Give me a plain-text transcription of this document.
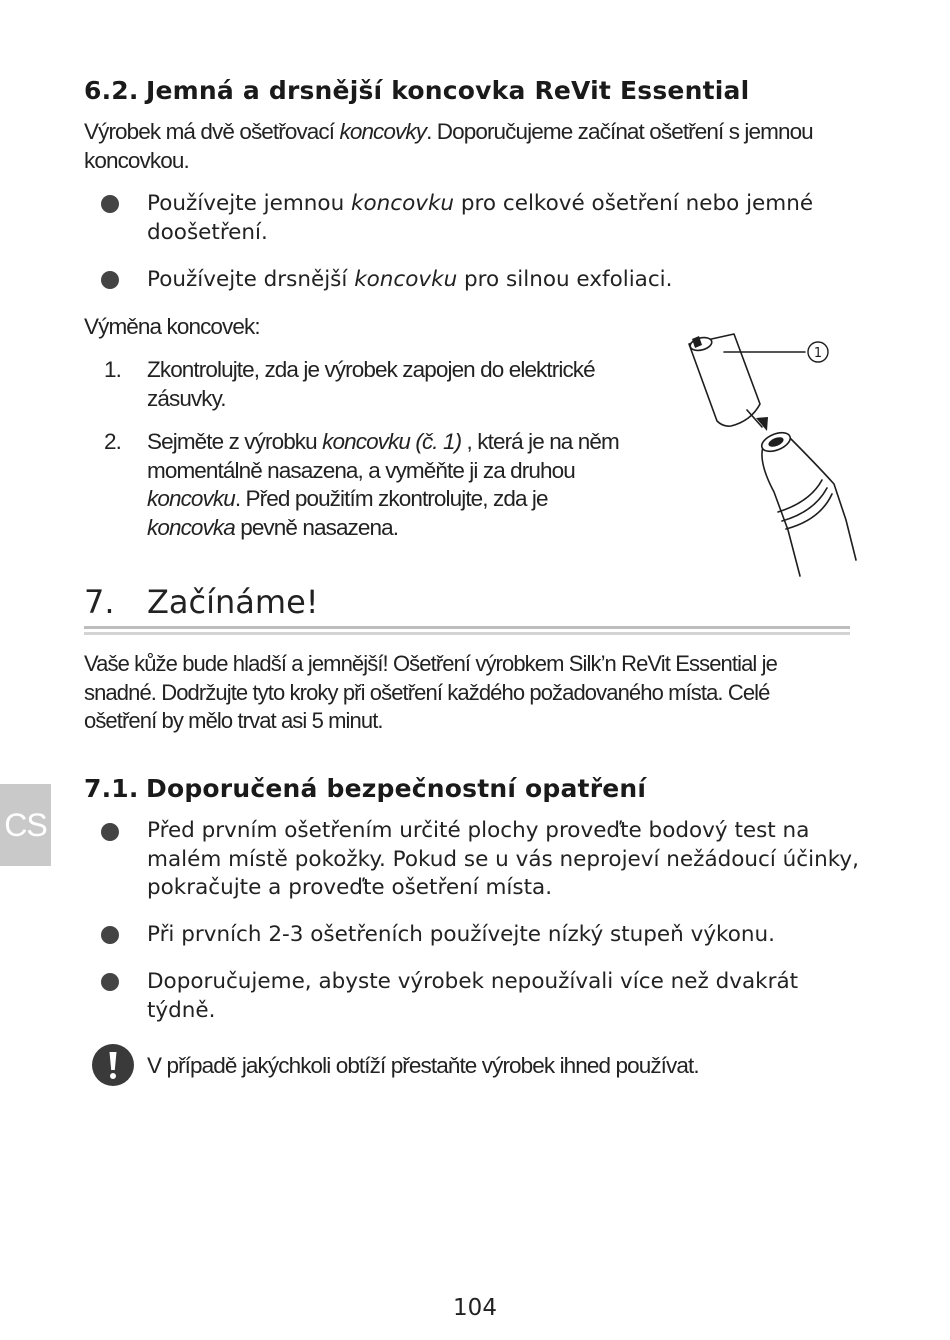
6.2. Jemná a drsnější koncovka ReVit Essential
Výrobek má dvě ošetřovací koncovky. Doporučujeme začínat ošetření s jemnou
koncovkou.
Používejte jemnou koncovku pro celkové ošetření nebo jemné
doošetření.
Používejte drsnější koncovku pro silnou exfoliaci.
Výměna koncovek:
1. Zkontrolujte, zda je výrobek zapojen do elektrické
zásuvky.
2. Sejměte z výrobku koncovku (č. 1) , která je na něm
momentálně nasazena, a vyměňte ji za druhou
koncovku. Před použitím zkontrolujte, zda je
koncovka pevně nasazena.
1
7. Začínáme!
Vaše kůže bude hladší a jemnější! Ošetření výrobkem Silk’n ReVit Essential je
snadné. Dodržujte tyto kroky při ošetření každého požadovaného místa. Celé
ošetření by mělo trvat asi 5 minut.
7.1. Doporučená bezpečnostní opatření
Před prvním ošetřením určité plochy proveďte bodový test na
malém místě pokožky. Pokud se u vás neprojeví nežádoucí účinky,
pokračujte a proveďte ošetření místa.
Při prvních 2-3 ošetřeních používejte nízký stupeň výkonu.
Doporučujeme, abyste výrobek nepoužívali více než dvakrát
týdně.
V případě jakýchkoli obtíží přestaňte výrobek ihned používat.
CS
104
